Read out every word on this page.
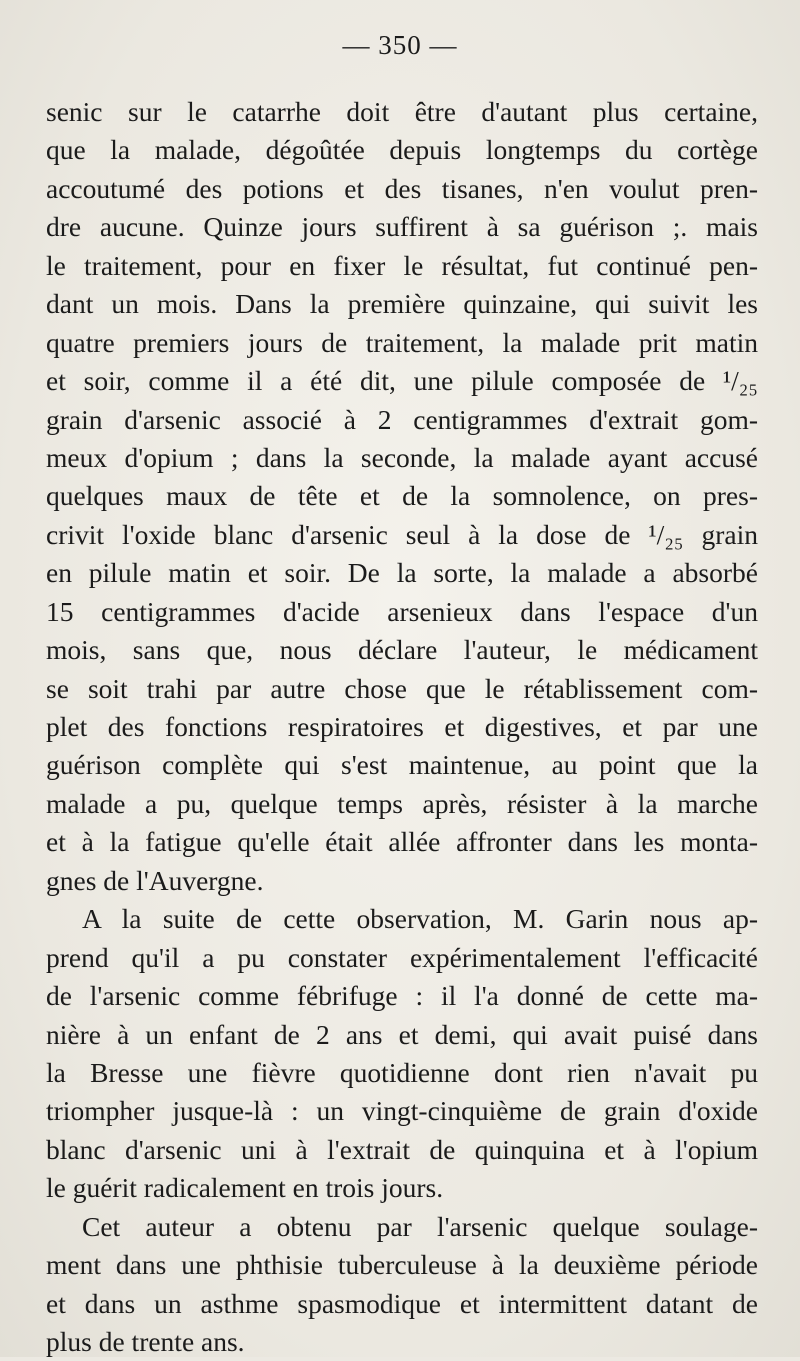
— 350 —
senic sur le catarrhe doit être d'autant plus certaine,
que la malade, dégoûtée depuis longtemps du cortège
accoutumé des potions et des tisanes, n'en voulut pren-
dre aucune. Quinze jours suffirent à sa guérison ;. mais
le traitement, pour en fixer le résultat, fut continué pen-
dant un mois. Dans la première quinzaine, qui suivit les
quatre premiers jours de traitement, la malade prit matin
et soir, comme il a été dit, une pilule composée de ¹/₂₅
grain d'arsenic associé à 2 centigrammes d'extrait gom-
meux d'opium ; dans la seconde, la malade ayant accusé
quelques maux de tête et de la somnolence, on pres-
crivit l'oxide blanc d'arsenic seul à la dose de ¹/₂₅ grain
en pilule matin et soir. De la sorte, la malade a absorbé
15 centigrammes d'acide arsenieux dans l'espace d'un
mois, sans que, nous déclare l'auteur, le médicament
se soit trahi par autre chose que le rétablissement com-
plet des fonctions respiratoires et digestives, et par une
guérison complète qui s'est maintenue, au point que la
malade a pu, quelque temps après, résister à la marche
et à la fatigue qu'elle était allée affronter dans les monta-
gnes de l'Auvergne.
A la suite de cette observation, M. Garin nous ap-
prend qu'il a pu constater expérimentalement l'efficacité
de l'arsenic comme fébrifuge : il l'a donné de cette ma-
nière à un enfant de 2 ans et demi, qui avait puisé dans
la Bresse une fièvre quotidienne dont rien n'avait pu
triompher jusque-là : un vingt-cinquième de grain d'oxide
blanc d'arsenic uni à l'extrait de quinquina et à l'opium
le guérit radicalement en trois jours.
Cet auteur a obtenu par l'arsenic quelque soulage-
ment dans une phthisie tuberculeuse à la deuxième période
et dans un asthme spasmodique et intermittent datant de
plus de trente ans.
